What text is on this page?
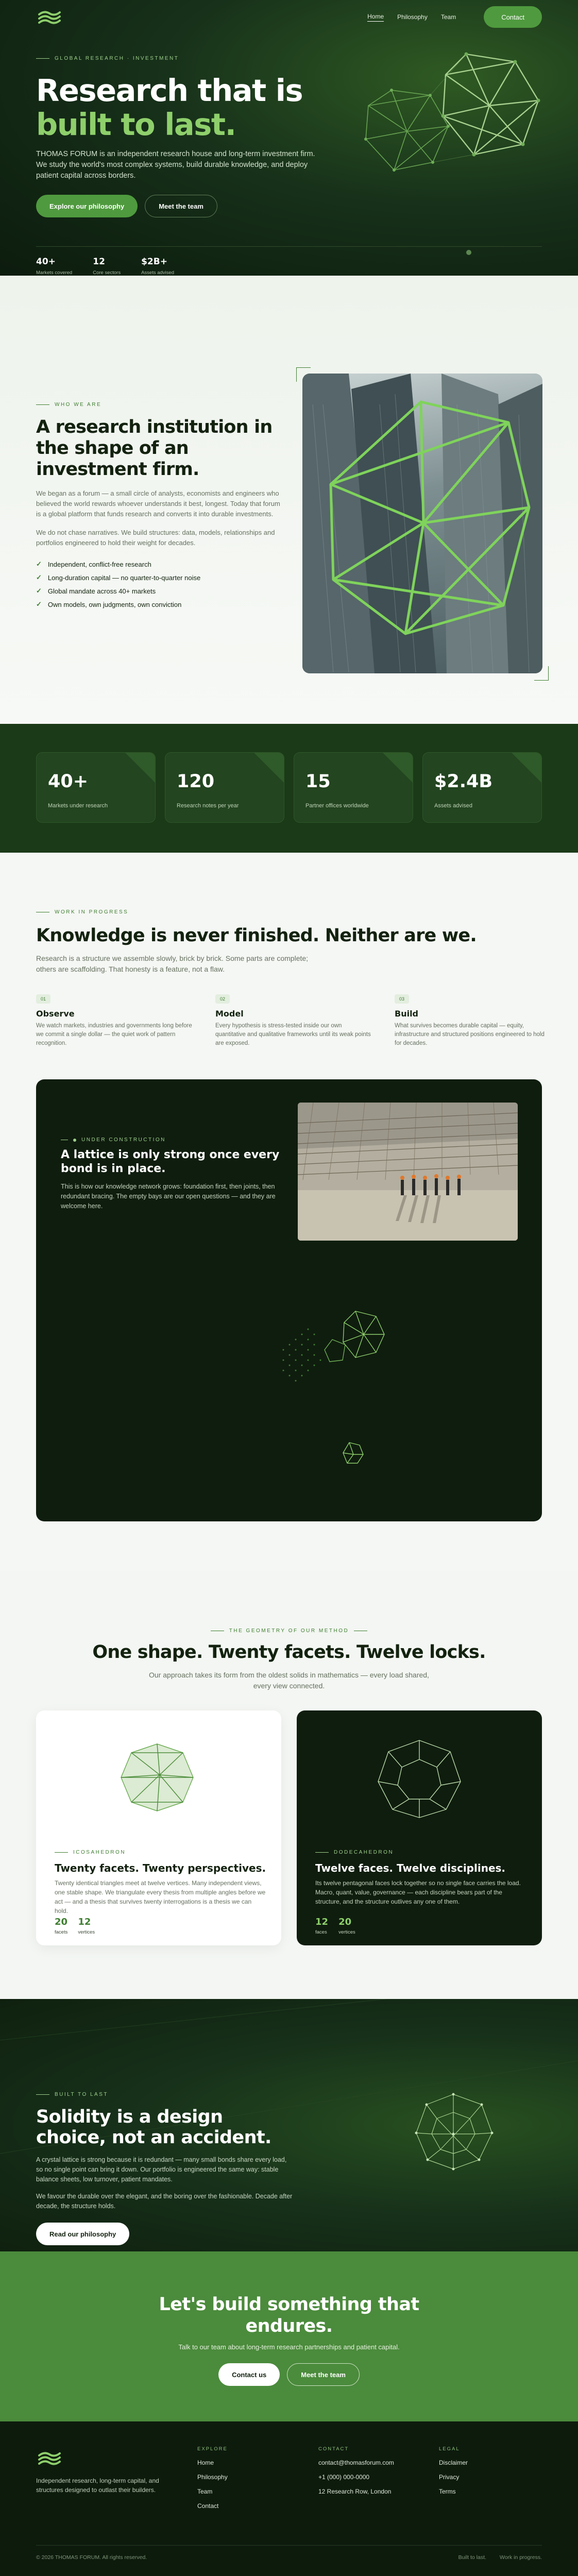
Home Philosophy Team	Contact
GLOBAL RESEARCH · INVESTMENT
Research that is
built to last.

THOMAS FORUM is an independent research house and long-term investment firm. We study the world's most complex systems, build durable knowledge, and deploy patient capital across borders.

Explore our philosophy	Meet the team
40+
Markets covered
12
Core sectors
$2B+
Assets advised
WHO WE ARE
A research institution in the shape of an investment firm.

We began as a forum — a small circle of analysts, economists and engineers who believed the world rewards whoever understands it best, longest. Today that forum is a global platform that funds research and converts it into durable investments.

We do not chase narratives. We build structures: data, models, relationships and portfolios engineered to hold their weight for decades.

✓ Independent, conflict-free research
✓ Long-duration capital — no quarter-to-quarter noise
✓ Global mandate across 40+ markets
✓ Own models, own judgments, own conviction
40+
Markets under research
120
Research notes per year
15
Partner offices worldwide
$2.4B
Assets advised
WORK IN PROGRESS
Knowledge is never finished. Neither are we.

Research is a structure we assemble slowly, brick by brick. Some parts are complete; others are scaffolding. That honesty is a feature, not a flaw.

01
Observe
We watch markets, industries and governments long before we commit a single dollar — the quiet work of pattern recognition.
02
Model
Every hypothesis is stress-tested inside our own quantitative and qualitative frameworks until its weak points are exposed.
03
Build
What survives becomes durable capital — equity, infrastructure and structured positions engineered to hold for decades.
UNDER CONSTRUCTION
A lattice is only strong once every bond is in place.

This is how our knowledge network grows: foundation first, then joints, then redundant bracing. The empty bays are our open questions — and they are welcome here.

THE GEOMETRY OF OUR METHOD
One shape. Twenty facets. Twelve locks.

Our approach takes its form from the oldest solids in mathematics — every load shared, every view connected.

ICOSAHEDRON
Twenty facets. Twenty perspectives.
Twenty identical triangles meet at twelve vertices. Many independent views, one stable shape. We triangulate every thesis from multiple angles before we act — and a thesis that survives twenty interrogations is a thesis we can hold.
20
facets
12
vertices
DODECAHEDRON
Twelve faces. Twelve disciplines.
Its twelve pentagonal faces lock together so no single face carries the load. Macro, quant, value, governance — each discipline bears part of the structure, and the structure outlives any one of them.
12
faces
20
vertices
BUILT TO LAST
Solidity is a design choice, not an accident.

A crystal lattice is strong because it is redundant — many small bonds share every load, so no single point can bring it down. Our portfolio is engineered the same way: stable balance sheets, low turnover, patient mandates.

We favour the durable over the elegant, and the boring over the fashionable. Decade after decade, the structure holds.

Read our philosophy
Let's build something that endures.

Talk to our team about long-term research partnerships and patient capital.

Contact us	Meet the team

Independent research, long-term capital, and structures designed to outlast their builders.

EXPLORE
Home
Philosophy
Team
Contact
CONTACT
contact@thomasforum.com
+1 (000) 000-0000
12 Research Row, London
LEGAL
Disclaimer
Privacy
Terms
© 2026 THOMAS FORUM. All rights reserved.	Built to last. Work in progress.
